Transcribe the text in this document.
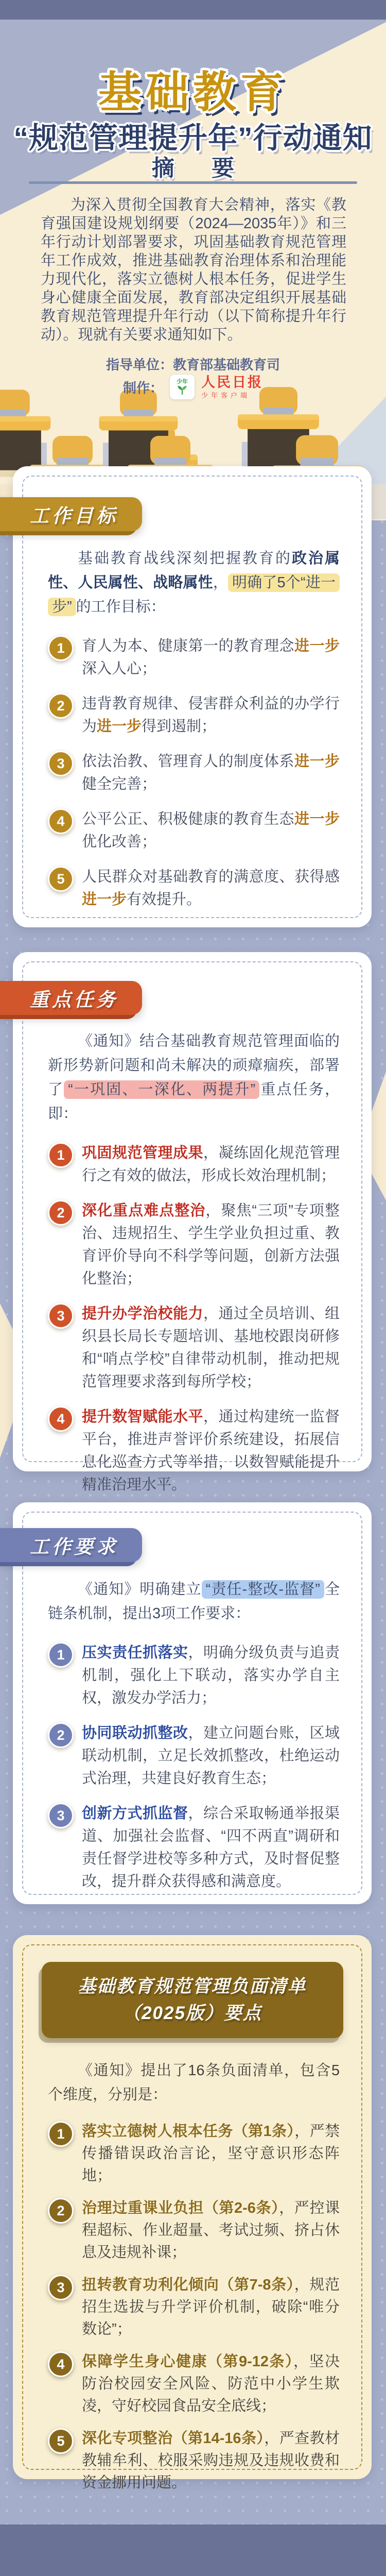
基础教育
“规范管理提升年”行动通知
摘 要
为深入贯彻全国教育大会精神，落实《教育强国建设规划纲要（2024—2035年）》和三年行动计划部署要求，巩固基础教育规范管理年工作成效，推进基础教育治理体系和治理能力现代化，落实立德树人根本任务，促进学生身心健康全面发展，教育部决定组织开展基础教育规范管理提升年行动（以下简称提升年行动）。现就有关要求通知如下。
指导单位：教育部基础教育司
制作： 少年 人民日报
少年客户端
基础教育战线深刻把握教育的政治属性、人民属性、战略属性， 明确了5个“进一步” 的工作目标：
1	育人为本、健康第一的教育理念进一步深入人心；
2	违背教育规律、侵害群众利益的办学行为进一步得到遏制；
3	依法治教、管理育人的制度体系进一步健全完善；
4	公平公正、积极健康的教育生态进一步优化改善；
5	人民群众对基础教育的满意度、获得感进一步有效提升。
工作目标
《通知》结合基础教育规范管理面临的新形势新问题和尚未解决的顽瘴痼疾，部署了 “一巩固、一深化、两提升” 重点任务，即：
1	巩固规范管理成果，凝练固化规范管理行之有效的做法，形成长效治理机制；
2	深化重点难点整治，聚焦“三项”专项整治、违规招生、学生学业负担过重、教育评价导向不科学等问题，创新方法强化整治；
3	提升办学治校能力，通过全员培训、组织县长局长专题培训、基地校跟岗研修和“哨点学校”自律带动机制，推动把规范管理要求落到每所学校；
4	提升数智赋能水平，通过构建统一监督平台，推进声誉评价系统建设，拓展信息化巡查方式等举措，以数智赋能提升精准治理水平。
重点任务
《通知》明确建立 “责任-整改-监督” 全链条机制，提出3项工作要求：
1	压实责任抓落实，明确分级负责与追责机制，强化上下联动，落实办学自主权，激发办学活力；
2	协同联动抓整改，建立问题台账，区域联动机制，立足长效抓整改，杜绝运动式治理，共建良好教育生态；
3	创新方式抓监督，综合采取畅通举报渠道、加强社会监督、“四不两直”调研和责任督学进校等多种方式，及时督促整改，提升群众获得感和满意度。
工作要求
基础教育规范管理负面清单
（2025版）要点
《通知》提出了16条负面清单，包含5个维度，分别是：
1	落实立德树人根本任务（第1条），严禁传播错误政治言论，坚守意识形态阵地；
2	治理过重课业负担（第2-6条），严控课程超标、作业超量、考试过频、挤占休息及违规补课；
3	扭转教育功利化倾向（第7-8条），规范招生选拔与升学评价机制，破除“唯分数论”；
4	保障学生身心健康（第9-12条），坚决防治校园安全风险、防范中小学生欺凌，守好校园食品安全底线；
5	深化专项整治（第14-16条），严查教材教辅牟利、校服采购违规及违规收费和资金挪用问题。
